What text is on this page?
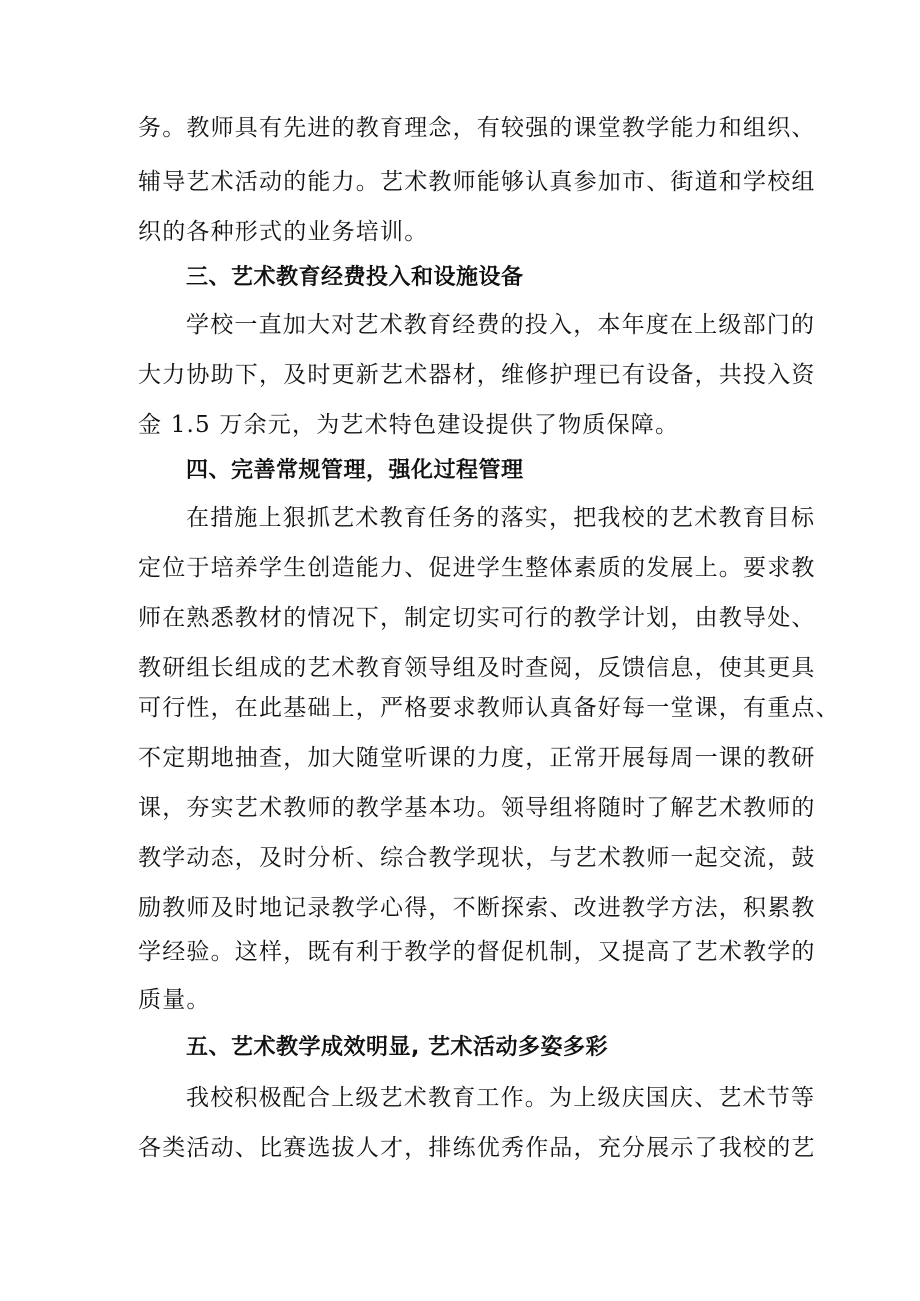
务。教师具有先进的教育理念，有较强的课堂教学能力和组织、
辅导艺术活动的能力。艺术教师能够认真参加市、街道和学校组
织的各种形式的业务培训。
三、艺术教育经费投入和设施设备
学校一直加大对艺术教育经费的投入，本年度在上级部门的
大力协助下，及时更新艺术器材，维修护理已有设备，共投入资
金 1.5 万余元，为艺术特色建设提供了物质保障。
四、完善常规管理，强化过程管理
在措施上狠抓艺术教育任务的落实，把我校的艺术教育目标
定位于培养学生创造能力、促进学生整体素质的发展上。要求教
师在熟悉教材的情况下，制定切实可行的教学计划，由教导处、
教研组长组成的艺术教育领导组及时查阅，反馈信息，使其更具
可行性，在此基础上，严格要求教师认真备好每一堂课，有重点、
不定期地抽查，加大随堂听课的力度，正常开展每周一课的教研
课，夯实艺术教师的教学基本功。领导组将随时了解艺术教师的
教学动态，及时分析、综合教学现状，与艺术教师一起交流，鼓
励教师及时地记录教学心得，不断探索、改进教学方法，积累教
学经验。这样，既有利于教学的督促机制，又提高了艺术教学的
质量。
五、艺术教学成效明显, 艺术活动多姿多彩
我校积极配合上级艺术教育工作。为上级庆国庆、艺术节等
各类活动、比赛选拔人才，排练优秀作品，充分展示了我校的艺
